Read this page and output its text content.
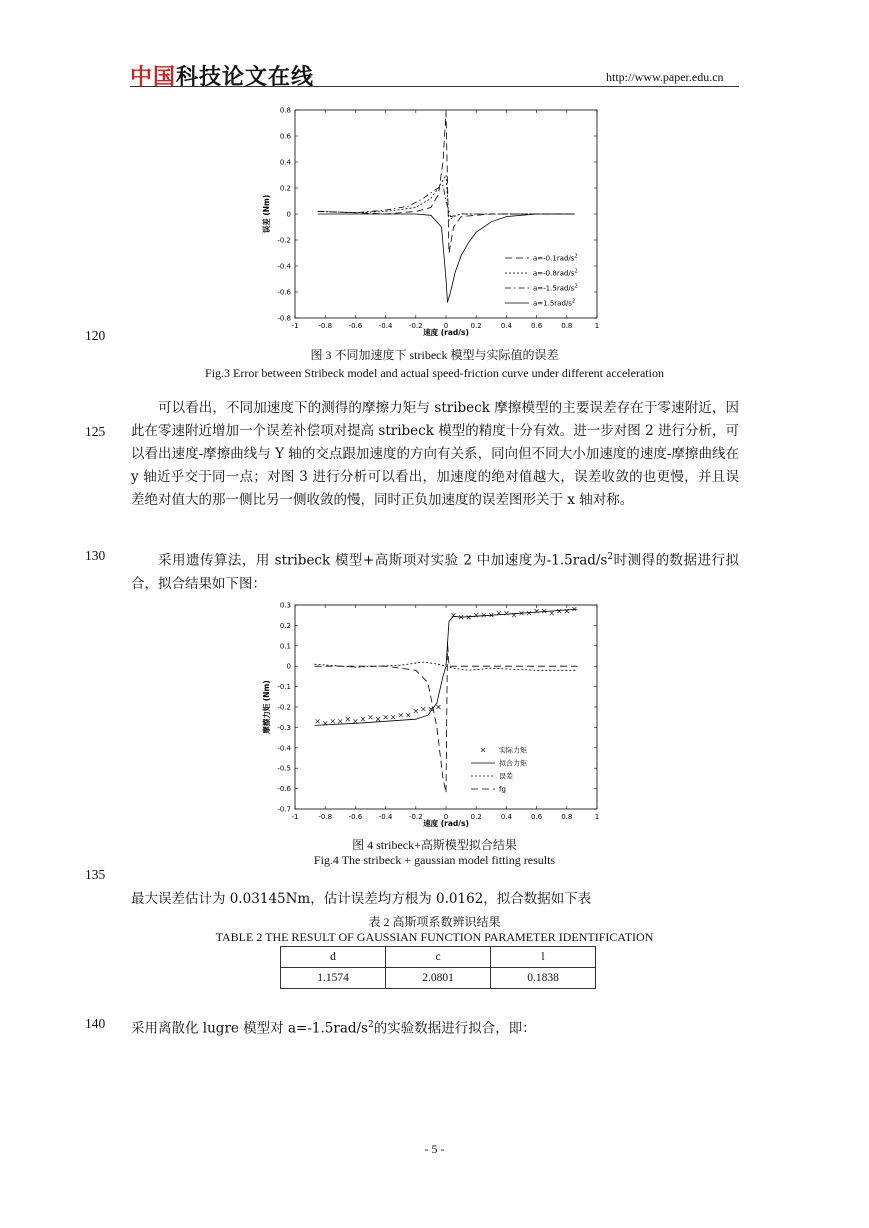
中国科技论文在线	http://www.paper.edu.cn
-1	-0.8 -0.6 -0.4 -0.2	0	0.2	0.4	0.6	0.8	1
0.8
0.6
0.4
0.2
0
-0.2
-0.4
-0.6
-0.8
速度 (rad/s)
误差 (Nm)
$a=-0.1rad/s^2$
$a=-0.8rad/s^2$
$a=-1.5rad/s^2$
$a=1.5rad/s^2$
120
图 3 不同加速度下 stribeck 模型与实际值的误差
Fig.3 Error between Stribeck model and actual speed-friction curve under different acceleration

可以看出，不同加速度下的测得的摩擦力矩与 stribeck 摩擦模型的主要误差存在于零速附近，因此在零速附近增加一个误差补偿项对提高 stribeck 模型的精度十分有效。进一步对图 2 进行分析，可以看出速度-摩擦曲线与 Y 轴的交点跟加速度的方向有关系，同向但不同大小加速度的速度-摩擦曲线在 y 轴近乎交于同一点；对图 3 进行分析可以看出，加速度的绝对值越大，误差收敛的也更慢，并且误差绝对值大的那一侧比另一侧收敛的慢，同时正负加速度的误差图形关于 x 轴对称。

125

采用遗传算法，用 stribeck 模型+高斯项对实验 2 中加速度为$-1.5rad/s^2$时测得的数据进行拟合，拟合结果如下图：

130
-1	-0.8 -0.6 -0.4 -0.2	0	0.2	0.4	0.6	0.8	1
0.3
0.2
0.1
0
-0.1
-0.2
-0.3
-0.4
-0.5
-0.6
-0.7
速度 (rad/s)
摩擦力矩 (Nm)
实际力矩
拟合力矩
误差
fg
图 4 stribeck+高斯模型拟合结果
Fig.4 The stribeck + gaussian model fitting results
135

最大误差估计为 0.03145Nm，估计误差均方根为 0.0162，拟合数据如下表

表 2 高斯项系数辨识结果
TABLE 2 THE RESULT OF GAUSSIAN FUNCTION PARAMETER IDENTIFICATION
d	c	l
1.1574	2.0801	0.1838
140 采用离散化 lugre 模型对 $a=-1.5rad/s^2$的实验数据进行拟合，即：

- 5 -
